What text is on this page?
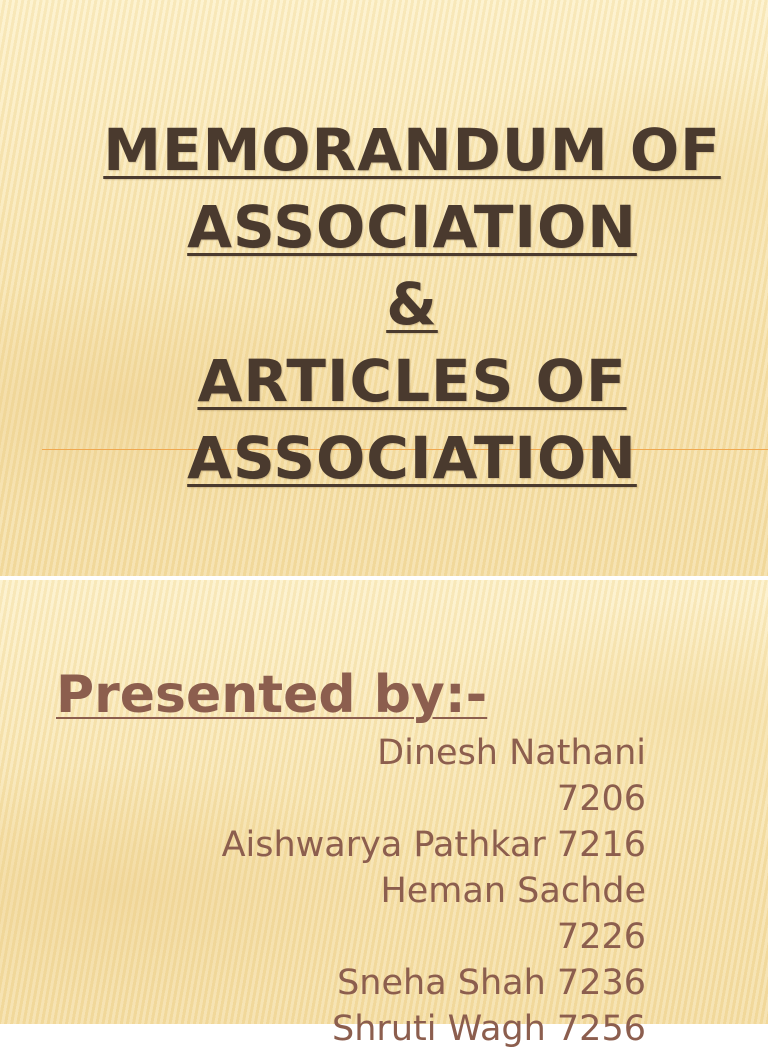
MEMORANDUM OF
ASSOCIATION
&
ARTICLES OF
ASSOCIATION
Presented by:-
Dinesh Nathani
7206
Aishwarya Pathkar 7216
Heman Sachde
7226
Sneha Shah 7236
Shruti Wagh 7256
